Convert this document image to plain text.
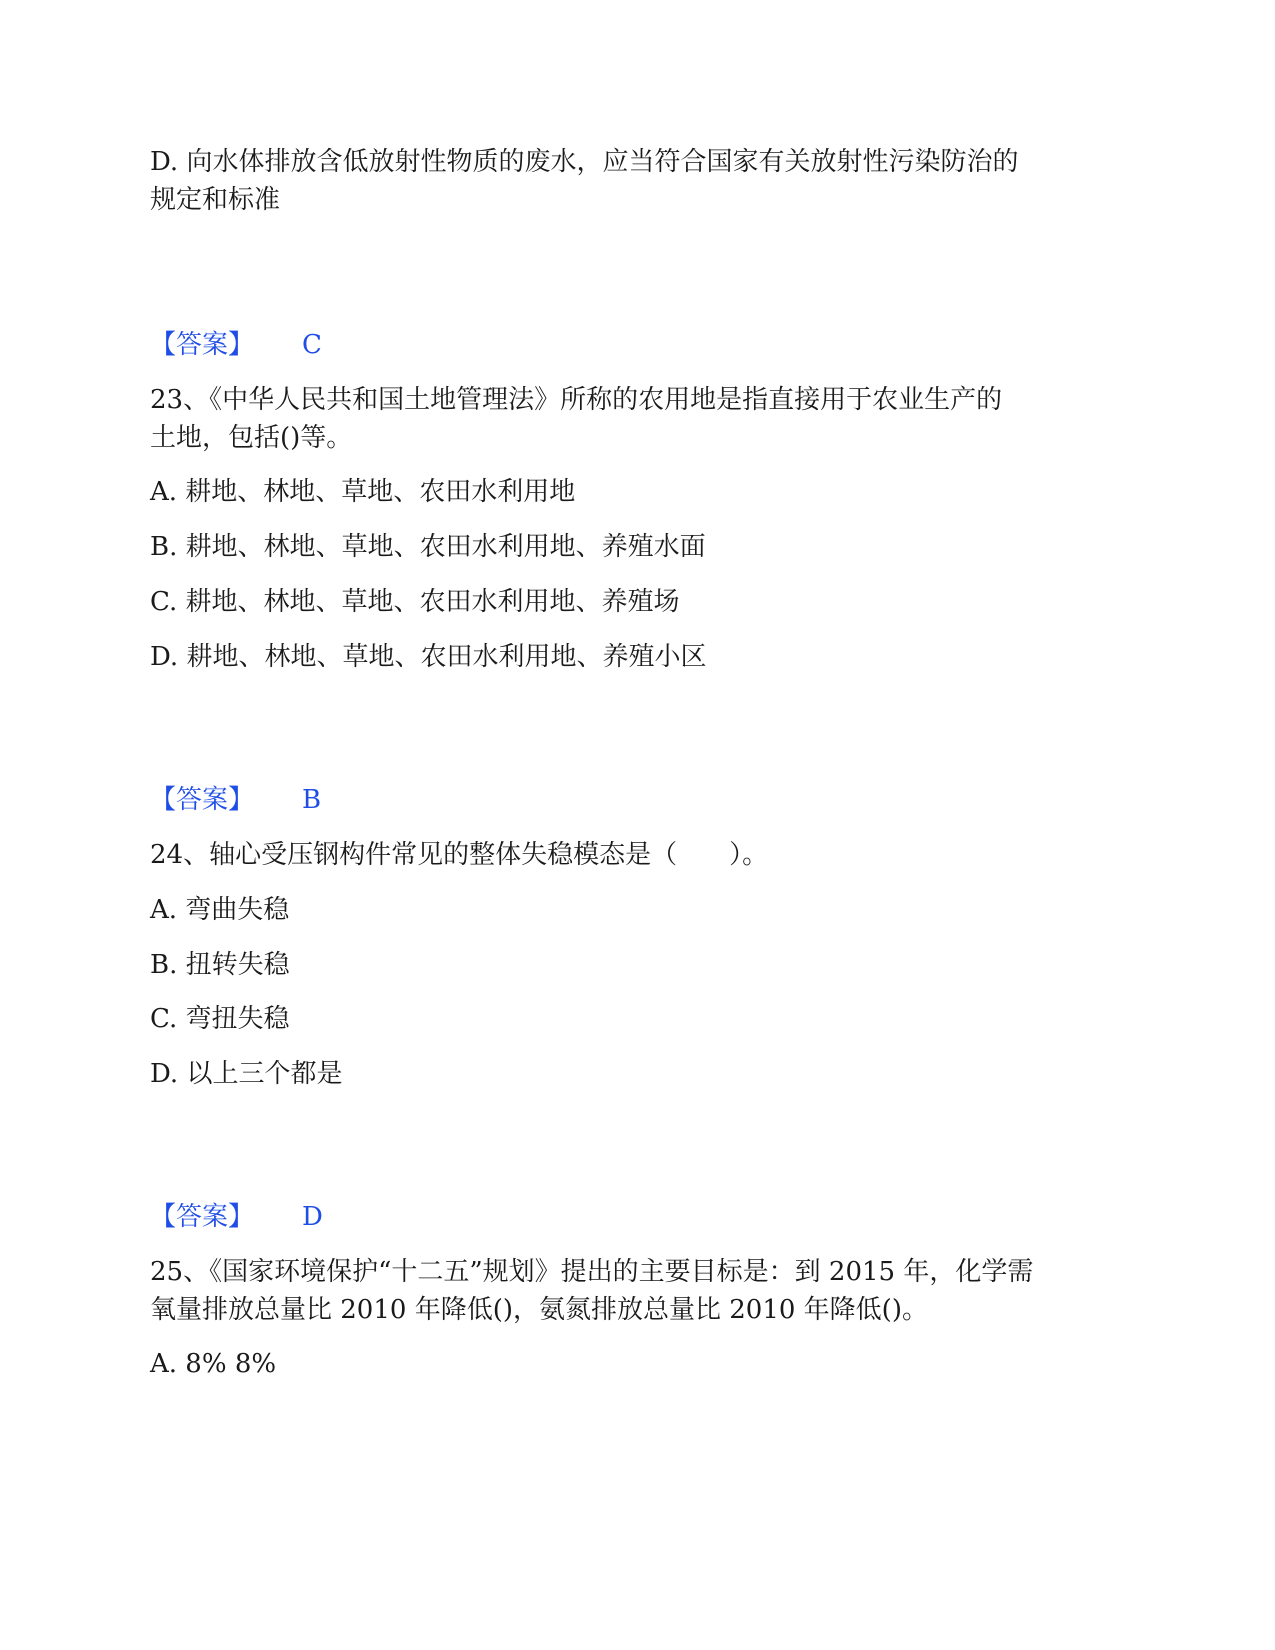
D. 向水体排放含低放射性物质的废水，应当符合国家有关放射性污染防治的
规定和标准
【答案】 C
23、《中华人民共和国土地管理法》所称的农用地是指直接用于农业生产的
土地，包括()等。
A. 耕地、林地、草地、农田水利用地
B. 耕地、林地、草地、农田水利用地、养殖水面
C. 耕地、林地、草地、农田水利用地、养殖场
D. 耕地、林地、草地、农田水利用地、养殖小区
【答案】 B
24、轴心受压钢构件常见的整体失稳模态是（　　）。
A. 弯曲失稳
B. 扭转失稳
C. 弯扭失稳
D. 以上三个都是
【答案】 D
25、《国家环境保护“十二五”规划》提出的主要目标是：到 2015 年，化学需
氧量排放总量比 2010 年降低()，氨氮排放总量比 2010 年降低()。
A. 8% 8%
